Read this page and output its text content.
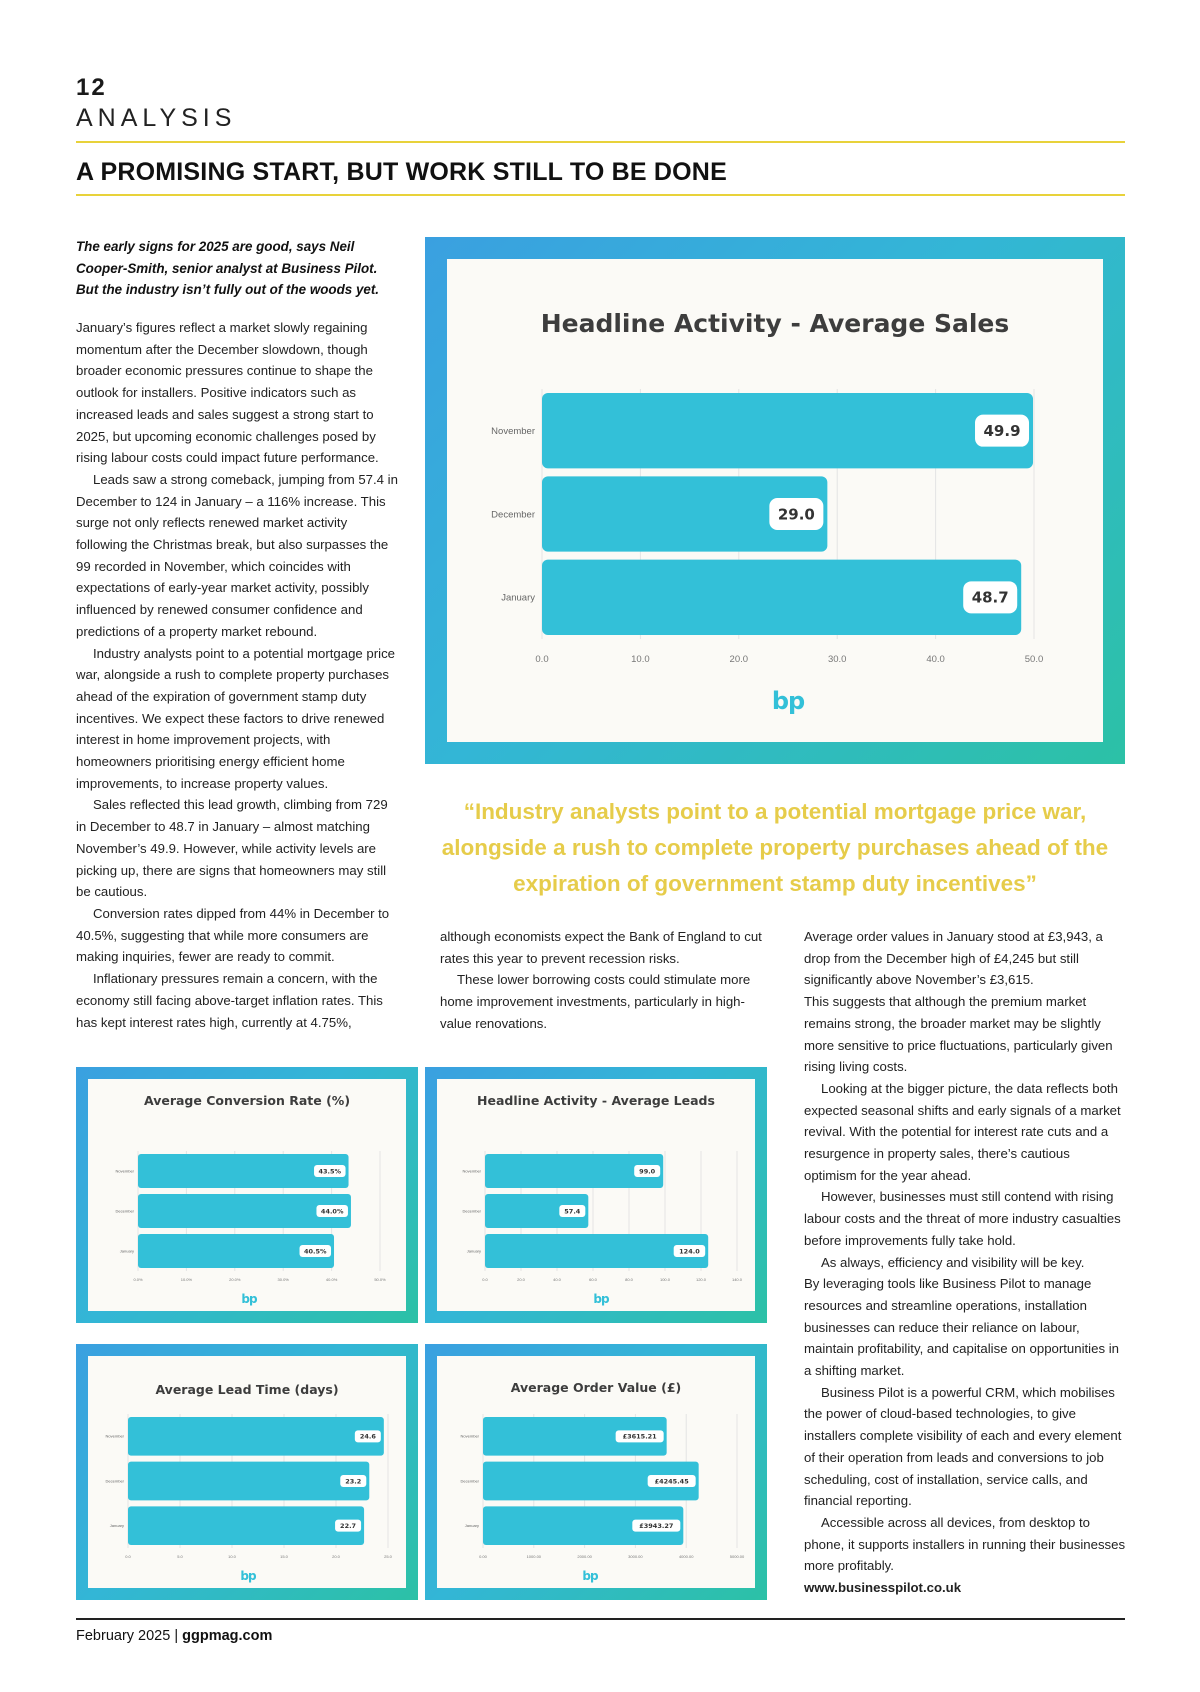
12
ANALYSIS
A PROMISING START, BUT WORK STILL TO BE DONE
The early signs for 2025 are good, says Neil Cooper-Smith, senior analyst at Business Pilot. But the industry isn’t fully out of the woods yet.

January’s figures reflect a market slowly regaining momentum after the December slowdown, though broader economic pressures continue to shape the outlook for installers. Positive indicators such as increased leads and sales suggest a strong start to 2025, but upcoming economic challenges posed by rising labour costs could impact future performance.

Leads saw a strong comeback, jumping from 57.4 in December to 124 in January – a 116% increase. This surge not only reflects renewed market activity following the Christmas break, but also surpasses the 99 recorded in November, which coincides with expectations of early-year market activity, possibly influenced by renewed consumer confidence and predictions of a property market rebound.

Industry analysts point to a potential mortgage price war, alongside a rush to complete property purchases ahead of the expiration of government stamp duty incentives. We expect these factors to drive renewed interest in home improvement projects, with homeowners prioritising energy efficient home improvements, to increase property values.

Sales reflected this lead growth, climbing from 729 in December to 48.7 in January – almost matching November’s 49.9. However, while activity levels are picking up, there are signs that homeowners may still be cautious.

Conversion rates dipped from 44% in December to 40.5%, suggesting that while more consumers are making inquiries, fewer are ready to commit.

Inflationary pressures remain a concern, with the economy still facing above-target inflation rates. This has kept interest rates high, currently at 4.75%,

Headline Activity - Average Sales
0.0	10.0	20.0	30.0	40.0	50.0
November	49.9
December	29.0
January	48.7
bp
“Industry analysts point to a potential mortgage price war, alongside a rush to complete property purchases ahead of the expiration of government stamp duty incentives”

although economists expect the Bank of England to cut rates this year to prevent recession risks.

These lower borrowing costs could stimulate more home improvement investments, particularly in high-value renovations.

Average order values in January stood at £3,943, a drop from the December high of £4,245 but still significantly above November’s £3,615.

This suggests that although the premium market remains strong, the broader market may be slightly more sensitive to price fluctuations, particularly given rising living costs.

Looking at the bigger picture, the data reflects both expected seasonal shifts and early signals of a market revival. With the potential for interest rate cuts and a resurgence in property sales, there’s cautious optimism for the year ahead.

However, businesses must still contend with rising labour costs and the threat of more industry casualties before improvements fully take hold.

As always, efficiency and visibility will be key.

By leveraging tools like Business Pilot to manage resources and streamline operations, installation businesses can reduce their reliance on labour, maintain profitability, and capitalise on opportunities in a shifting market.

Business Pilot is a powerful CRM, which mobilises the power of cloud-based technologies, to give installers complete visibility of each and every element of their operation from leads and conversions to job scheduling, cost of installation, service calls, and financial reporting.

Accessible across all devices, from desktop to phone, it supports installers in running their businesses more profitably.

www.businesspilot.co.uk

Average Conversion Rate (%)
0.0%	10.0%	20.0%	30.0%	40.0%	50.0%
November	43.5%
December	44.0%
January	40.5%
bp
Headline Activity - Average Leads
0.0	20.0	40.0	60.0	80.0	100.0	120.0	140.0
November	99.0
December	57.4
January	124.0
bp
Average Lead Time (days)
0.0	5.0	10.0	15.0	20.0	25.0
November	24.6
December	23.2
January	22.7
bp
Average Order Value (£)
0.00	1000.00	2000.00	3000.00	4000.00	5000.00
November	£3615.21
December	£4245.45
January	£3943.27
bp
February 2025 | ggpmag.com
